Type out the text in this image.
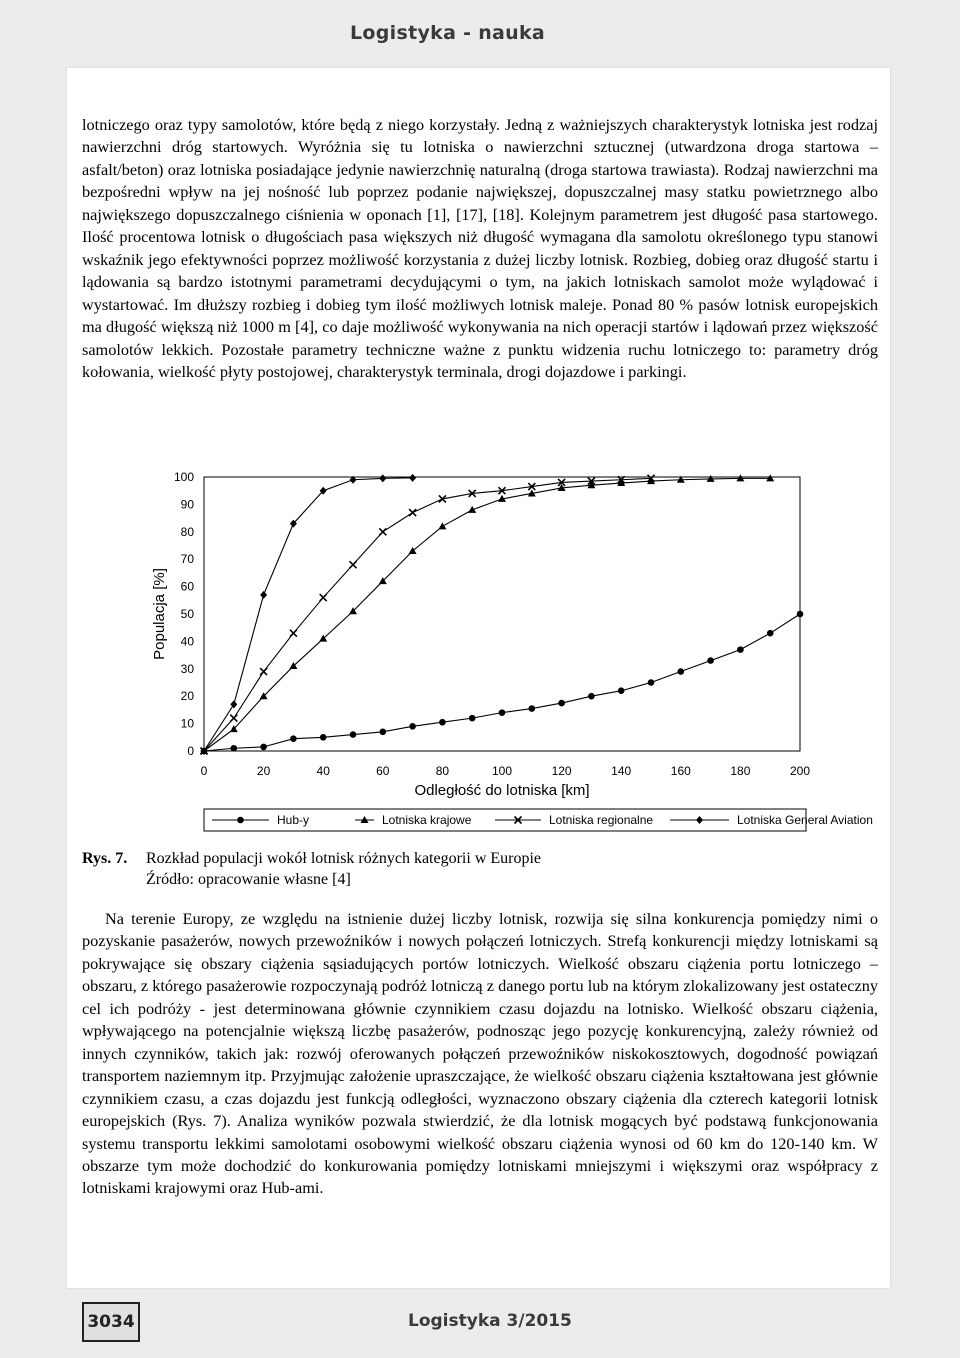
Logistyka - nauka

lotniczego oraz typy samolotów, które będą z niego korzystały. Jedną z ważniejszych charakterystyk lotniska jest rodzaj nawierzchni dróg startowych. Wyróżnia się tu lotniska o nawierzchni sztucznej (utwardzona droga startowa – asfalt/beton) oraz lotniska posiadające jedynie nawierzchnię naturalną (droga startowa trawiasta). Rodzaj nawierzchni ma bezpośredni wpływ na jej nośność lub poprzez podanie największej, dopuszczalnej masy statku powietrznego albo największego dopuszczalnego ciśnienia w oponach [1], [17], [18]. Kolejnym parametrem jest długość pasa startowego. Ilość procentowa lotnisk o długościach pasa większych niż długość wymagana dla samolotu określonego typu stanowi wskaźnik jego efektywności poprzez możliwość korzystania z dużej liczby lotnisk. Rozbieg, dobieg oraz długość startu i lądowania są bardzo istotnymi parametrami decydującymi o tym, na jakich lotniskach samolot może wylądować i wystartować. Im dłuższy rozbieg i dobieg tym ilość możliwych lotnisk maleje. Ponad 80 % pasów lotnisk europejskich ma długość większą niż 1000 m [4], co daje możliwość wykonywania na nich operacji startów i lądowań przez większość samolotów lekkich. Pozostałe parametry techniczne ważne z punktu widzenia ruchu lotniczego to: parametry dróg kołowania, wielkość płyty postojowej, charakterystyk terminala, drogi dojazdowe i parkingi.

0
10
20
30
40
50
60
70
80
90
100
0	20	40	60	80	100	120	140	160	180	200
Odległość do lotniska [km]
Populacja [%]
Hub-y	Lotniska krajowe	Lotniska regionalne	Lotniska General Aviation
Rys. 7. Rozkład populacji wokół lotnisk różnych kategorii w Europie
Źródło: opracowanie własne [4]

Na terenie Europy, ze względu na istnienie dużej liczby lotnisk, rozwija się silna konkurencja pomiędzy nimi o pozyskanie pasażerów, nowych przewoźników i nowych połączeń lotniczych. Strefą konkurencji między lotniskami są pokrywające się obszary ciążenia sąsiadujących portów lotniczych. Wielkość obszaru ciążenia portu lotniczego – obszaru, z którego pasażerowie rozpoczynają podróż lotniczą z danego portu lub na którym zlokalizowany jest ostateczny cel ich podróży - jest determinowana głównie czynnikiem czasu dojazdu na lotnisko. Wielkość obszaru ciążenia, wpływającego na potencjalnie większą liczbę pasażerów, podnosząc jego pozycję konkurencyjną, zależy również od innych czynników, takich jak: rozwój oferowanych połączeń przewoźników niskokosztowych, dogodność powiązań transportem naziemnym itp. Przyjmując założenie upraszczające, że wielkość obszaru ciążenia kształtowana jest głównie czynnikiem czasu, a czas dojazdu jest funkcją odległości, wyznaczono obszary ciążenia dla czterech kategorii lotnisk europejskich (Rys. 7). Analiza wyników pozwala stwierdzić, że dla lotnisk mogących być podstawą funkcjonowania systemu transportu lekkimi samolotami osobowymi wielkość obszaru ciążenia wynosi od 60 km do 120-140 km. W obszarze tym może dochodzić do konkurowania pomiędzy lotniskami mniejszymi i większymi oraz współpracy z lotniskami krajowymi oraz Hub-ami.

3034	Logistyka 3/2015
